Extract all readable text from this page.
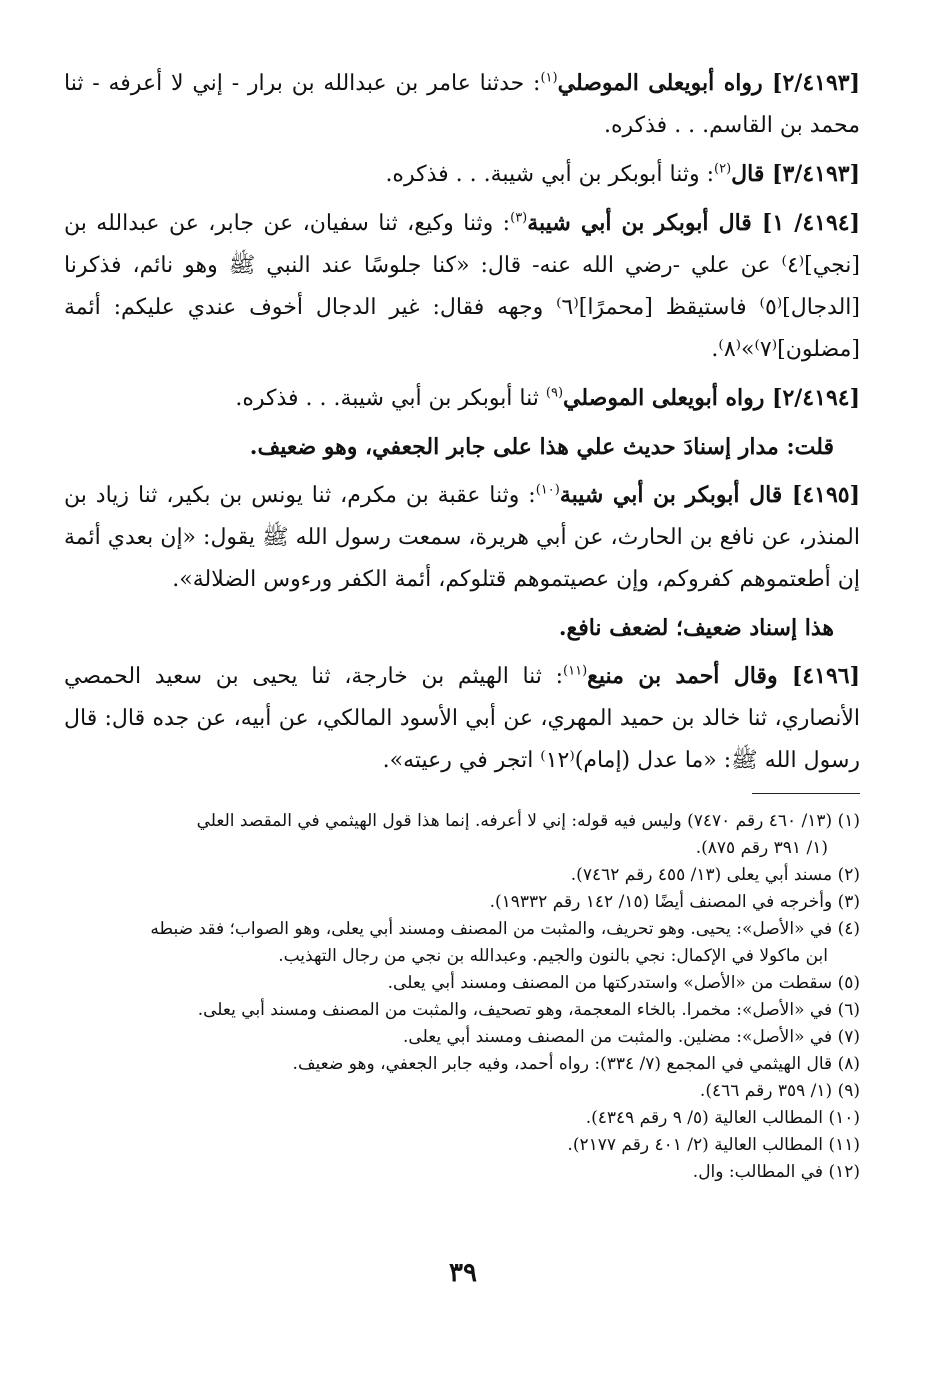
[٢/٤١٩٣] رواه أبويعلى الموصلي$^{(١)}$: حدثنا عامر بن عبدالله بن برار - إني لا أعرفه - ثنا محمد بن القاسم. . . فذكره.

[٣/٤١٩٣] قال$^{(٢)}$: وثنا أبوبكر بن أبي شيبة. . . فذكره.

[٤١٩٤/ ١] قال أبوبكر بن أبي شيبة$^{(٣)}$: وثنا وكيع، ثنا سفيان، عن جابر، عن عبدالله بن [نجي]⁽٤⁾ عن علي -رضي الله عنه- قال: «كنا جلوسًا عند النبي ﷺ وهو نائم، فذكرنا [الدجال]⁽٥⁾ فاستيقظ [محمرًا]⁽٦⁾ وجهه فقال: غير الدجال أخوف عندي عليكم: أئمة [مضلون]⁽٧⁾»⁽٨⁾.

[٢/٤١٩٤] رواه أبويعلى الموصلي$^{(٩)}$ ثنا أبوبكر بن أبي شيبة. . . فذكره.

قلت: مدار إسنادَ حديث علي هذا على جابر الجعفي، وهو ضعيف.

[٤١٩٥] قال أبوبكر بن أبي شيبة$^{(١٠)}$: وثنا عقبة بن مكرم، ثنا يونس بن بكير، ثنا زياد بن المنذر، عن نافع بن الحارث، عن أبي هريرة، سمعت رسول الله ﷺ يقول: «إن بعدي أئمة إن أطعتموهم كفروكم، وإن عصيتموهم قتلوكم، أئمة الكفر ورءوس الضلالة».

هذا إسناد ضعيف؛ لضعف نافع.

[٤١٩٦] وقال أحمد بن منيع$^{(١١)}$: ثنا الهيثم بن خارجة، ثنا يحيى بن سعيد الحمصي الأنصاري، ثنا خالد بن حميد المهري، عن أبي الأسود المالكي، عن أبيه، عن جده قال: قال رسول الله ﷺ: «ما عدل (إمام)⁽١٢⁾ اتجر في رعيته».

(١) (١٣/ ٤٦٠ رقم ٧٤٧٠) وليس فيه قوله: إني لا أعرفه. إنما هذا قول الهيثمي في المقصد العلي
(١/ ٣٩١ رقم ٨٧٥).

(٢) مسند أبي يعلى (١٣/ ٤٥٥ رقم ٧٤٦٢).

(٣) وأخرجه في المصنف أيضًا (١٥/ ١٤٢ رقم ١٩٣٣٢).

(٤) في «الأصل»: يحيى. وهو تحريف، والمثبت من المصنف ومسند أبي يعلى، وهو الصواب؛ فقد ضبطه
ابن ماكولا في الإكمال: نجي بالنون والجيم. وعبدالله بن نجي من رجال التهذيب.

(٥) سقطت من «الأصل» واستدركتها من المصنف ومسند أبي يعلى.

(٦) في «الأصل»: مخمرا. بالخاء المعجمة، وهو تصحيف، والمثبت من المصنف ومسند أبي يعلى.

(٧) في «الأصل»: مضلين. والمثبت من المصنف ومسند أبي يعلى.

(٨) قال الهيثمي في المجمع (٧/ ٣٣٤): رواه أحمد، وفيه جابر الجعفي، وهو ضعيف.

(٩) (١/ ٣٥٩ رقم ٤٦٦).

(١٠) المطالب العالية (٥/ ٩ رقم ٤٣٤٩).

(١١) المطالب العالية (٢/ ٤٠١ رقم ٢١٧٧).

(١٢) في المطالب: وال.

٣٩
